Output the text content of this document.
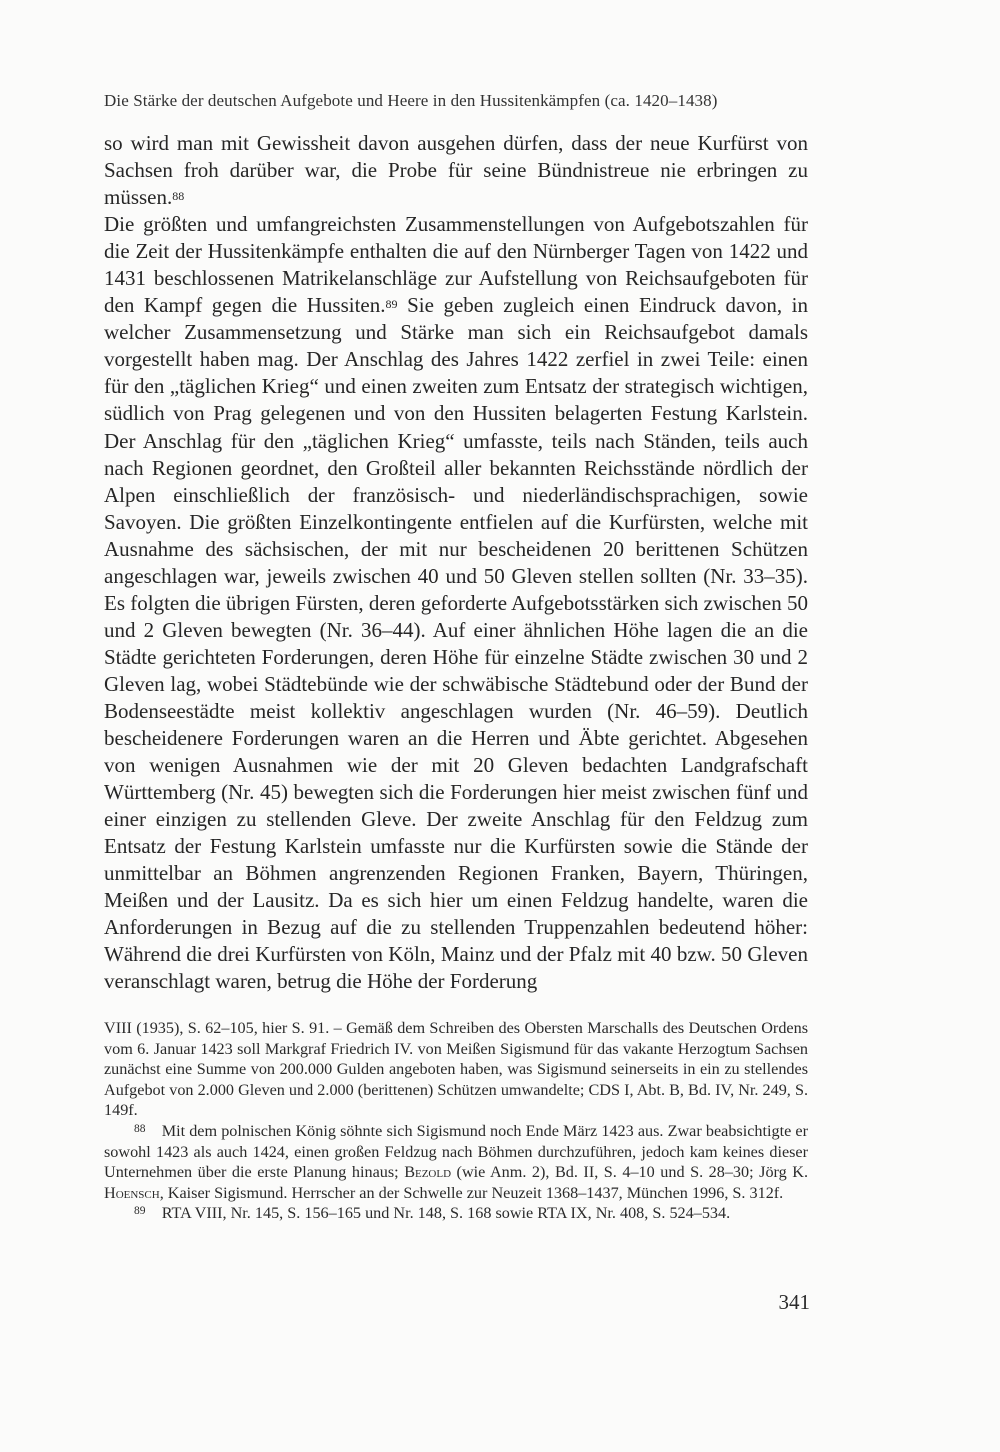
Die Stärke der deutschen Aufgebote und Heere in den Hussitenkämpfen (ca. 1420–1438)

so wird man mit Gewissheit davon ausgehen dürfen, dass der neue Kurfürst von Sachsen froh darüber war, die Probe für seine Bündnistreue nie erbringen zu müssen.88

Die größten und umfangreichsten Zusammenstellungen von Aufgebotszahlen für die Zeit der Hussitenkämpfe enthalten die auf den Nürnberger Tagen von 1422 und 1431 beschlossenen Matrikelanschläge zur Aufstellung von Reichsaufgeboten für den Kampf gegen die Hussiten.89 Sie geben zugleich einen Eindruck davon, in welcher Zusammensetzung und Stärke man sich ein Reichsaufgebot damals vorgestellt haben mag. Der Anschlag des Jahres 1422 zerfiel in zwei Teile: einen für den „täglichen Krieg“ und einen zweiten zum Entsatz der strategisch wichtigen, südlich von Prag gelegenen und von den Hussiten belagerten Festung Karlstein. Der Anschlag für den „täglichen Krieg“ umfasste, teils nach Ständen, teils auch nach Regionen geordnet, den Großteil aller bekannten Reichsstände nördlich der Alpen einschließlich der französisch- und niederländischsprachigen, sowie Savoyen. Die größten Einzelkontingente entfielen auf die Kurfürsten, welche mit Ausnahme des sächsischen, der mit nur bescheidenen 20 berittenen Schützen angeschlagen war, jeweils zwischen 40 und 50 Gleven stellen sollten (Nr. 33–35). Es folgten die übrigen Fürsten, deren geforderte Aufgebotsstärken sich zwischen 50 und 2 Gleven bewegten (Nr. 36–44). Auf einer ähnlichen Höhe lagen die an die Städte gerichteten Forderungen, deren Höhe für einzelne Städte zwischen 30 und 2 Gleven lag, wobei Städtebünde wie der schwäbische Städtebund oder der Bund der Bodenseestädte meist kollektiv angeschlagen wurden (Nr. 46–59). Deutlich bescheidenere Forderungen waren an die Herren und Äbte gerichtet. Abgesehen von wenigen Ausnahmen wie der mit 20 Gleven bedachten Landgrafschaft Württemberg (Nr. 45) bewegten sich die Forderungen hier meist zwischen fünf und einer einzigen zu stellenden Gleve. Der zweite Anschlag für den Feldzug zum Entsatz der Festung Karlstein umfasste nur die Kurfürsten sowie die Stände der unmittelbar an Böhmen angrenzenden Regionen Franken, Bayern, Thüringen, Meißen und der Lausitz. Da es sich hier um einen Feldzug handelte, waren die Anforderungen in Bezug auf die zu stellenden Truppenzahlen bedeutend höher: Während die drei Kurfürsten von Köln, Mainz und der Pfalz mit 40 bzw. 50 Gleven veranschlagt waren, betrug die Höhe der Forderung

VIII (1935), S. 62–105, hier S. 91. – Gemäß dem Schreiben des Obersten Marschalls des Deutschen Ordens vom 6. Januar 1423 soll Markgraf Friedrich IV. von Meißen Sigismund für das vakante Herzogtum Sachsen zunächst eine Summe von 200.000 Gulden angeboten haben, was Sigismund seinerseits in ein zu stellendes Aufgebot von 2.000 Gleven und 2.000 (berittenen) Schützen umwandelte; CDS I, Abt. B, Bd. IV, Nr. 249, S. 149f.

$^{88}$  Mit dem polnischen König söhnte sich Sigismund noch Ende März 1423 aus. Zwar beabsichtigte er sowohl 1423 als auch 1424, einen großen Feldzug nach Böhmen durchzuführen, jedoch kam keines dieser Unternehmen über die erste Planung hinaus; Bezold (wie Anm. 2), Bd. II, S. 4–10 und S. 28–30; Jörg K. Hoensch, Kaiser Sigismund. Herrscher an der Schwelle zur Neuzeit 1368–1437, München 1996, S. 312f.

$^{89}$  RTA VIII, Nr. 145, S. 156–165 und Nr. 148, S. 168 sowie RTA IX, Nr. 408, S. 524–534.

341
